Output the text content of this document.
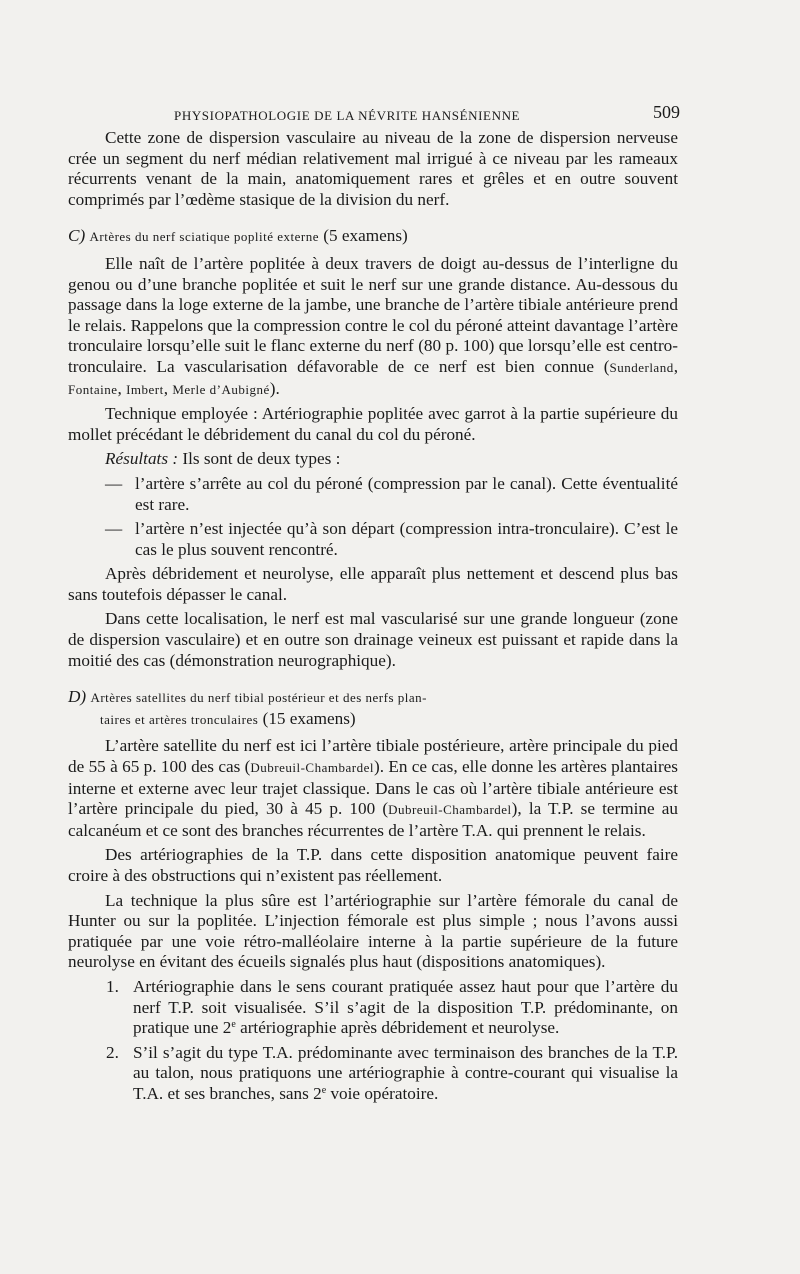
PHYSIOPATHOLOGIE DE LA NÉVRITE HANSÉNIENNE	509

Cette zone de dispersion vasculaire au niveau de la zone de dispersion nerveuse crée un segment du nerf médian relativement mal irrigué à ce niveau par les rameaux récurrents venant de la main, anatomiquement rares et grêles et en outre souvent comprimés par l’œdème stasique de la division du nerf.

C) Artères du nerf sciatique poplité externe (5 examens)

Elle naît de l’artère poplitée à deux travers de doigt au-dessus de l’interligne du genou ou d’une branche poplitée et suit le nerf sur une grande distance. Au-dessous du passage dans la loge externe de la jambe, une branche de l’artère tibiale antérieure prend le relais. Rappelons que la compression contre le col du péroné atteint davantage l’artère tronculaire lorsqu’elle suit le flanc externe du nerf (80 p. 100) que lorsqu’elle est centro-tronculaire. La vascularisation défavorable de ce nerf est bien connue (Sunderland, Fontaine, Imbert, Merle d’Aubigné).

Technique employée : Artériographie poplitée avec garrot à la partie supérieure du mollet précédant le débridement du canal du col du péroné.

Résultats : Ils sont de deux types :

— l’artère s’arrête au col du péroné (compression par le canal). Cette éventualité est rare.
— l’artère n’est injectée qu’à son départ (compression intra-tronculaire). C’est le cas le plus souvent rencontré.

Après débridement et neurolyse, elle apparaît plus nettement et descend plus bas sans toutefois dépasser le canal.

Dans cette localisation, le nerf est mal vascularisé sur une grande longueur (zone de dispersion vasculaire) et en outre son drainage veineux est puissant et rapide dans la moitié des cas (démonstration neurographique).

D) Artères satellites du nerf tibial postérieur et des nerfs plan-
taires et artères tronculaires (15 examens)

L’artère satellite du nerf est ici l’artère tibiale postérieure, artère principale du pied de 55 à 65 p. 100 des cas (Dubreuil-Chambardel). En ce cas, elle donne les artères plantaires interne et externe avec leur trajet classique. Dans le cas où l’artère tibiale antérieure est l’artère principale du pied, 30 à 45 p. 100 (Dubreuil-Chambardel), la T.P. se termine au calcanéum et ce sont des branches récurrentes de l’artère T.A. qui prennent le relais.

Des artériographies de la T.P. dans cette disposition anatomique peuvent faire croire à des obstructions qui n’existent pas réellement.

La technique la plus sûre est l’artériographie sur l’artère fémorale du canal de Hunter ou sur la poplitée. L’injection fémorale est plus simple ; nous l’avons aussi pratiquée par une voie rétro-malléolaire interne à la partie supérieure de la future neurolyse en évitant des écueils signalés plus haut (dispositions anatomiques).

1. Artériographie dans le sens courant pratiquée assez haut pour que l’artère du nerf T.P. soit visualisée. S’il s’agit de la disposition T.P. prédominante, on pratique une 2e artériographie après débridement et neurolyse.
2. S’il s’agit du type T.A. prédominante avec terminaison des branches de la T.P. au talon, nous pratiquons une artériographie à contre-courant qui visualise la T.A. et ses branches, sans 2e voie opératoire.
